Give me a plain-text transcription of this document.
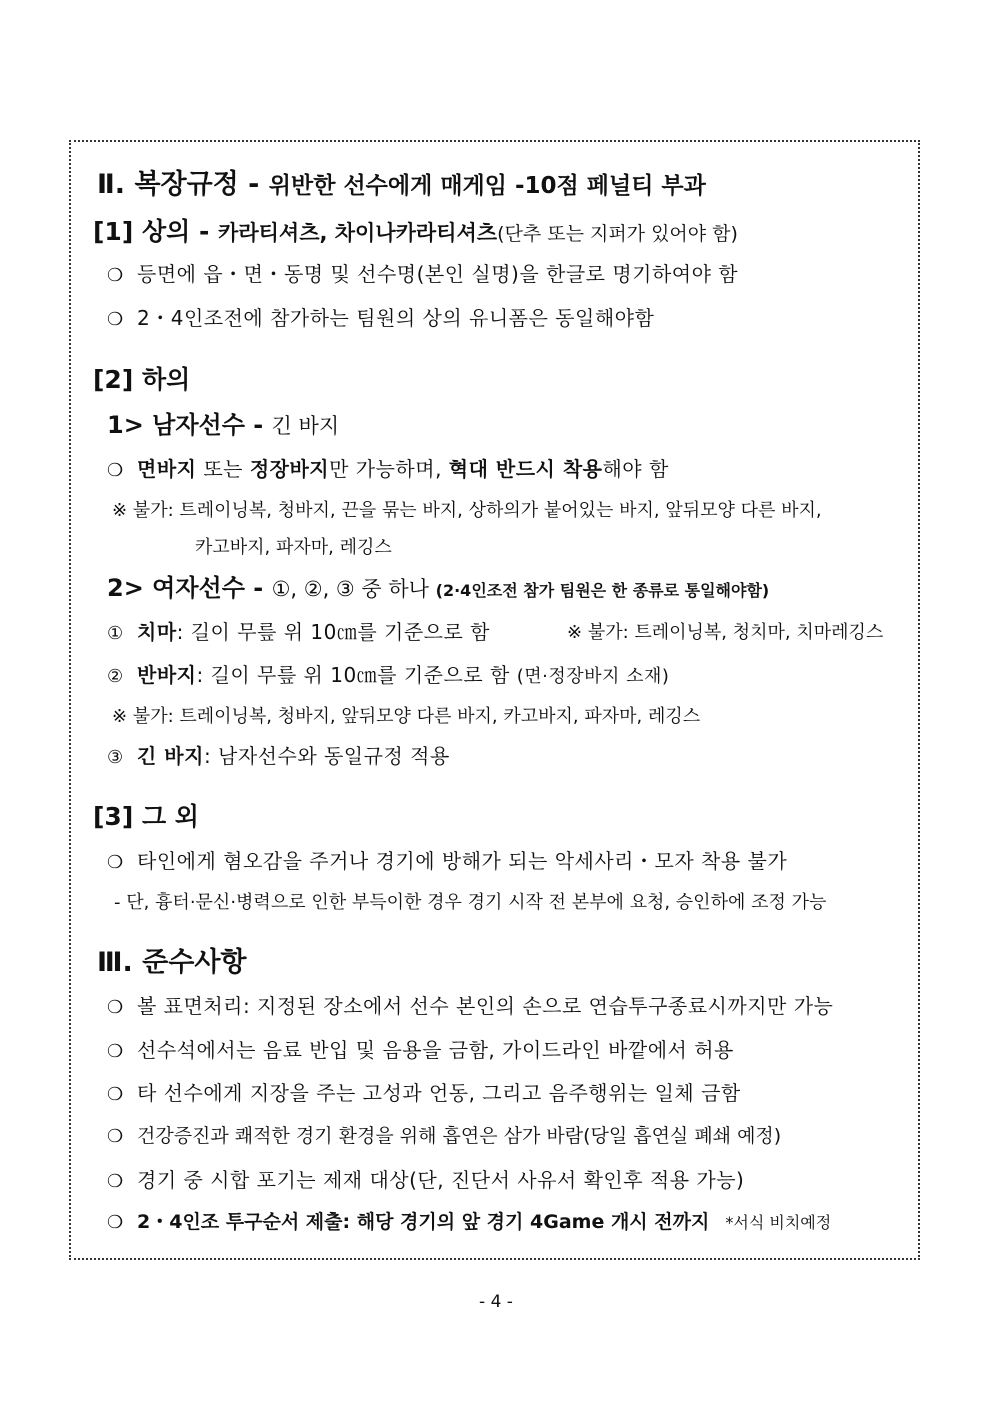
Ⅱ. 복장규정 - 위반한 선수에게 매게임 -10점 페널티 부과
[1] 상의 - 카라티셔츠, 차이나카라티셔츠(단추 또는 지퍼가 있어야 함)
❍ 등면에 읍・면・동명 및 선수명(본인 실명)을 한글로 명기하여야 함
❍ 2・4인조전에 참가하는 팀원의 상의 유니폼은 동일해야함
[2] 하의
1> 남자선수 - 긴 바지
❍ 면바지 또는 정장바지만 가능하며, 혁대 반드시 착용해야 함
※ 불가: 트레이닝복, 청바지, 끈을 묶는 바지, 상하의가 붙어있는 바지, 앞뒤모양 다른 바지,
카고바지, 파자마, 레깅스
2> 여자선수 - ①, ②, ③ 중 하나 (2·4인조전 참가 팀원은 한 종류로 통일해야함)
① 치마: 길이 무릎 위 10㎝를 기준으로 함	※ 불가: 트레이닝복, 청치마, 치마레깅스
② 반바지: 길이 무릎 위 10㎝를 기준으로 함 (면·정장바지 소재)
※ 불가: 트레이닝복, 청바지, 앞뒤모양 다른 바지, 카고바지, 파자마, 레깅스
③ 긴 바지: 남자선수와 동일규정 적용
[3] 그 외
❍ 타인에게 혐오감을 주거나 경기에 방해가 되는 악세사리・모자 착용 불가
- 단, 흉터·문신·병력으로 인한 부득이한 경우 경기 시작 전 본부에 요청, 승인하에 조정 가능
Ⅲ. 준수사항
❍ 볼 표면처리: 지정된 장소에서 선수 본인의 손으로 연습투구종료시까지만 가능
❍ 선수석에서는 음료 반입 및 음용을 금함, 가이드라인 바깥에서 허용
❍ 타 선수에게 지장을 주는 고성과 언동, 그리고 음주행위는 일체 금함
❍ 건강증진과 쾌적한 경기 환경을 위해 흡연은 삼가 바람(당일 흡연실 폐쇄 예정)
❍ 경기 중 시합 포기는 제재 대상(단, 진단서 사유서 확인후 적용 가능)
❍ 2・4인조 투구순서 제출: 해당 경기의 앞 경기 4Game 개시 전까지 *서식 비치예정
- 4 -
